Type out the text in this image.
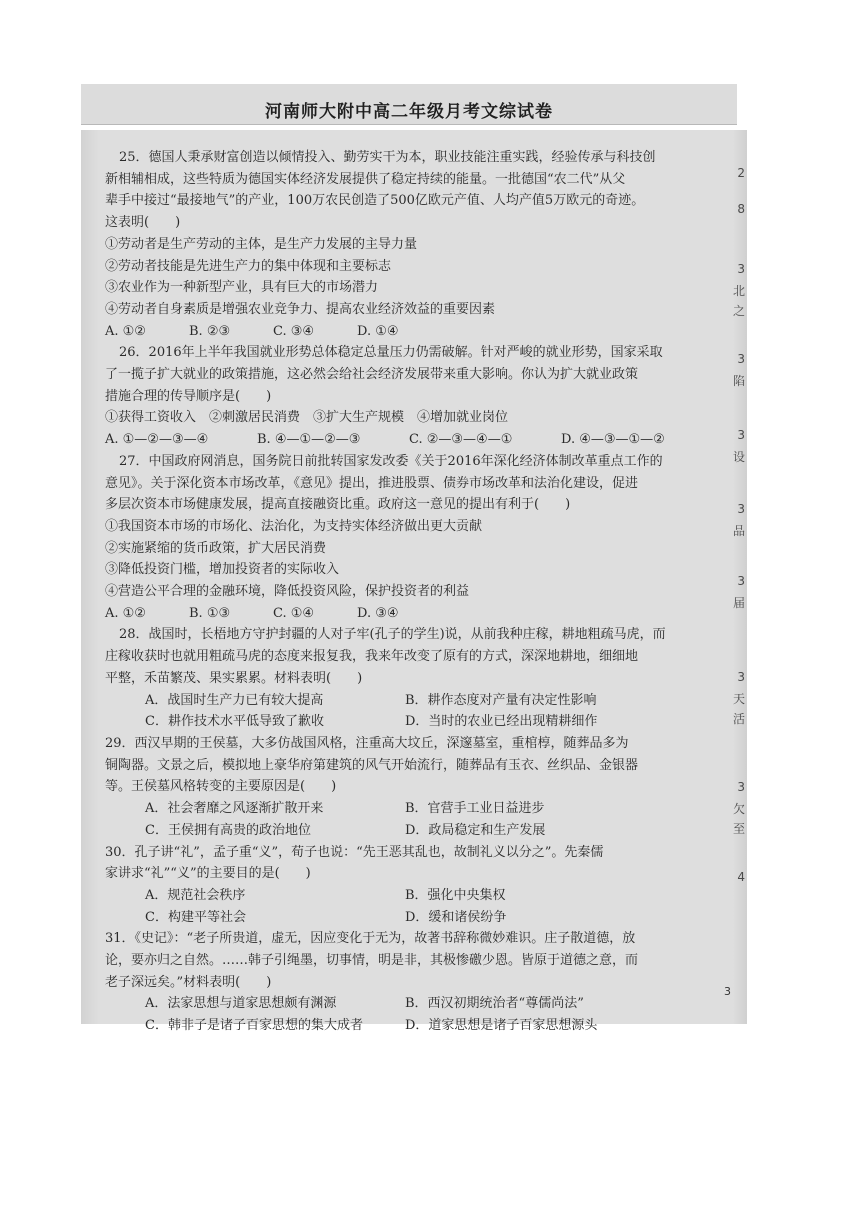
河南师大附中高二年级月考文综试卷
2
8
3
北
之
3
陷
3
设
3
品
3
届
3
天
活
3
欠
至
4
25．德国人秉承财富创造以倾情投入、勤劳实干为本，职业技能注重实践，经验传承与科技创
新相辅相成，这些特质为德国实体经济发展提供了稳定持续的能量。一批德国“农二代”从父
辈手中接过“最接地气”的产业，100万农民创造了500亿欧元产值、人均产值5万欧元的奇迹。
这表明(　　)
①劳动者是生产劳动的主体，是生产力发展的主导力量
②劳动者技能是先进生产力的集中体现和主要标志
③农业作为一种新型产业，具有巨大的市场潜力
④劳动者自身素质是增强农业竞争力、提高农业经济效益的重要因素
A. ①②	B. ②③	C. ③④	D. ①④
26．2016年上半年我国就业形势总体稳定总量压力仍需破解。针对严峻的就业形势，国家采取
了一揽子扩大就业的政策措施，这必然会给社会经济发展带来重大影响。你认为扩大就业政策
措施合理的传导顺序是(　　)
①获得工资收入　②刺激居民消费　③扩大生产规模　④增加就业岗位
A. ①—②—③—④	B. ④—①—②—③	C. ②—③—④—①	D. ④—③—①—②
27．中国政府网消息，国务院日前批转国家发改委《关于2016年深化经济体制改革重点工作的
意见》。关于深化资本市场改革，《意见》提出，推进股票、债券市场改革和法治化建设，促进
多层次资本市场健康发展，提高直接融资比重。政府这一意见的提出有利于(　　)
①我国资本市场的市场化、法治化，为支持实体经济做出更大贡献
②实施紧缩的货币政策，扩大居民消费
③降低投资门槛，增加投资者的实际收入
④营造公平合理的金融环境，降低投资风险，保护投资者的利益
A. ①②	B. ①③	C. ①④	D. ③④
28．战国时，长梧地方守护封疆的人对子牢(孔子的学生)说，从前我种庄稼，耕地粗疏马虎，而
庄稼收获时也就用粗疏马虎的态度来报复我，我来年改变了原有的方式，深深地耕地，细细地
平整，禾苗繁茂、果实累累。材料表明(　　)
A．战国时生产力已有较大提高	B．耕作态度对产量有决定性影响
C．耕作技术水平低导致了歉收	D．当时的农业已经出现精耕细作
29．西汉早期的王侯墓，大多仿战国风格，注重高大坟丘，深邃墓室，重棺椁，随葬品多为
铜陶器。文景之后，模拟地上豪华府第建筑的风气开始流行，随葬品有玉衣、丝织品、金银器
等。王侯墓风格转变的主要原因是(　　)
A．社会奢靡之风逐渐扩散开来	B．官营手工业日益进步
C．王侯拥有高贵的政治地位	D．政局稳定和生产发展
30．孔子讲“礼”，孟子重“义”，荀子也说：“先王恶其乱也，故制礼义以分之”。先秦儒
家讲求“礼”“义”的主要目的是(　　)
A．规范社会秩序	B．强化中央集权
C．构建平等社会	D．缓和诸侯纷争
31．《史记》：“老子所贵道，虚无，因应变化于无为，故著书辞称微妙难识。庄子散道德，放
论，要亦归之自然。……韩子引绳墨，切事情，明是非，其极惨礉少恩。皆原于道德之意，而
老子深远矣。”材料表明(　　)
A．法家思想与道家思想颇有渊源	B．西汉初期统治者“尊儒尚法”
C．韩非子是诸子百家思想的集大成者	D．道家思想是诸子百家思想源头
3
